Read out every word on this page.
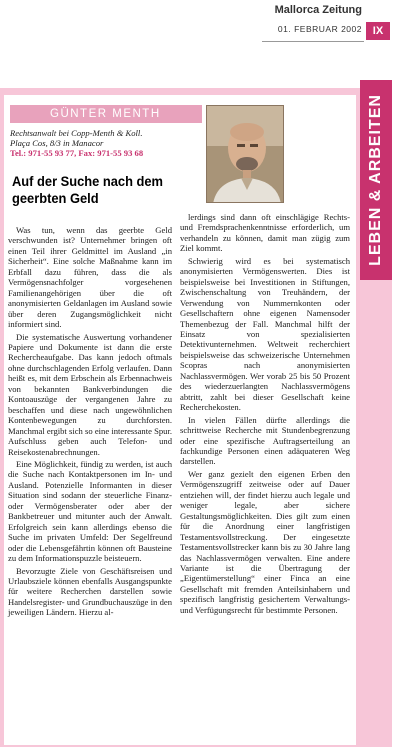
Mallorca Zeitung
01. FEBRUAR 2002 IX
LEBEN & ARBEITEN
GÜNTER MENTH
Rechtsanwalt bei Copp-Menth & Koll.
Plaça Cos, 8/3 in Manacor
Tel.: 971-55 93 77, Fax: 971-55 93 68
Auf der Suche nach dem geerbten Geld

Was tun, wenn das geerbte Geld verschwunden ist? Unternehmer bringen oft einen Teil ihrer Geldmittel im Ausland „in Sicherheit“. Eine solche Maßnahme kann im Erbfall dazu führen, dass die als Vermögensnachfolger vorgesehenen Familienangehörigen über die oft anonymisierten Geldanlagen im Ausland sowie über deren Zugangsmöglichkeit nicht informiert sind.

Die systematische Auswertung vorhandener Papiere und Dokumente ist dann die erste Rechercheaufgabe. Das kann jedoch oftmals ohne durchschlagenden Erfolg verlaufen. Dann heißt es, mit dem Erbschein als Erbennachweis von bekannten Bankverbindungen die Kontoauszüge der vergangenen Jahre zu beschaffen und diese nach ungewöhnlichen Kontenbewegungen zu durchforsten. Manchmal ergibt sich so eine interessante Spur. Aufschluss geben auch Telefon- und Reisekostenabrechnungen.

Eine Möglichkeit, fündig zu werden, ist auch die Suche nach Kontaktpersonen im In- und Ausland. Potenzielle Informanten in dieser Situation sind sodann der steuerliche Finanz- oder Vermögensberater oder aber der Bankbetreuer und mitunter auch der Anwalt. Erfolgreich sein kann allerdings ebenso die Suche im privaten Umfeld: Der Segelfreund oder die Lebensgefährtin können oft Bausteine zu dem Informationspuzzle beisteuern.

Bevorzugte Ziele von Geschäftsreisen und Urlaubsziele können ebenfalls Ausgangspunkte für weitere Recherchen darstellen sowie Handelsregister- und Grundbuchauszüge in den jeweiligen Ländern. Hierzu al-

lerdings sind dann oft einschlägige Rechts- und Fremdsprachenkenntnisse erforderlich, um verhandeln zu können, damit man zügig zum Ziel kommt.

Schwierig wird es bei systematisch anonymisierten Vermögenswerten. Dies ist beispielsweise bei Investitionen in Stiftungen, Zwischenschaltung von Treuhändern, der Verwendung von Nummernkonten oder Gesellschaftern ohne eigenen Namensoder Themenbezug der Fall. Manchmal hilft der Einsatz von spezialisierten Detektivunternehmen. Weltweit recherchiert beispielsweise das schweizerische Unternehmen Scopras nach anonymisierten Nachlassvermögen. Wer vorab 25 bis 50 Prozent des wiederzuerlangten Nachlassvermögens abtritt, zahlt bei dieser Gesellschaft keine Recherchekosten.

In vielen Fällen dürfte allerdings die schrittweise Recherche mit Stundenbegrenzung oder eine spezifische Auftragserteilung an fachkundige Personen einen adäquateren Weg darstellen.

Wer ganz gezielt den eigenen Erben den Vermögenszugriff zeitweise oder auf Dauer entziehen will, der findet hierzu auch legale und weniger legale, aber sichere Gestaltungsmöglichkeiten. Dies gilt zum einen für die Anordnung einer langfristigen Testamentsvollstreckung. Der eingesetzte Testamentsvollstrecker kann bis zu 30 Jahre lang das Nachlassvermögen verwalten. Eine andere Variante ist die Übertragung der „Eigentümerstellung“ einer Finca an eine Gesellschaft mit fremden Anteilsinhabern und spezifisch langfristig gesichertem Verwaltungs- und Verfügungsrecht für bestimmte Personen.
